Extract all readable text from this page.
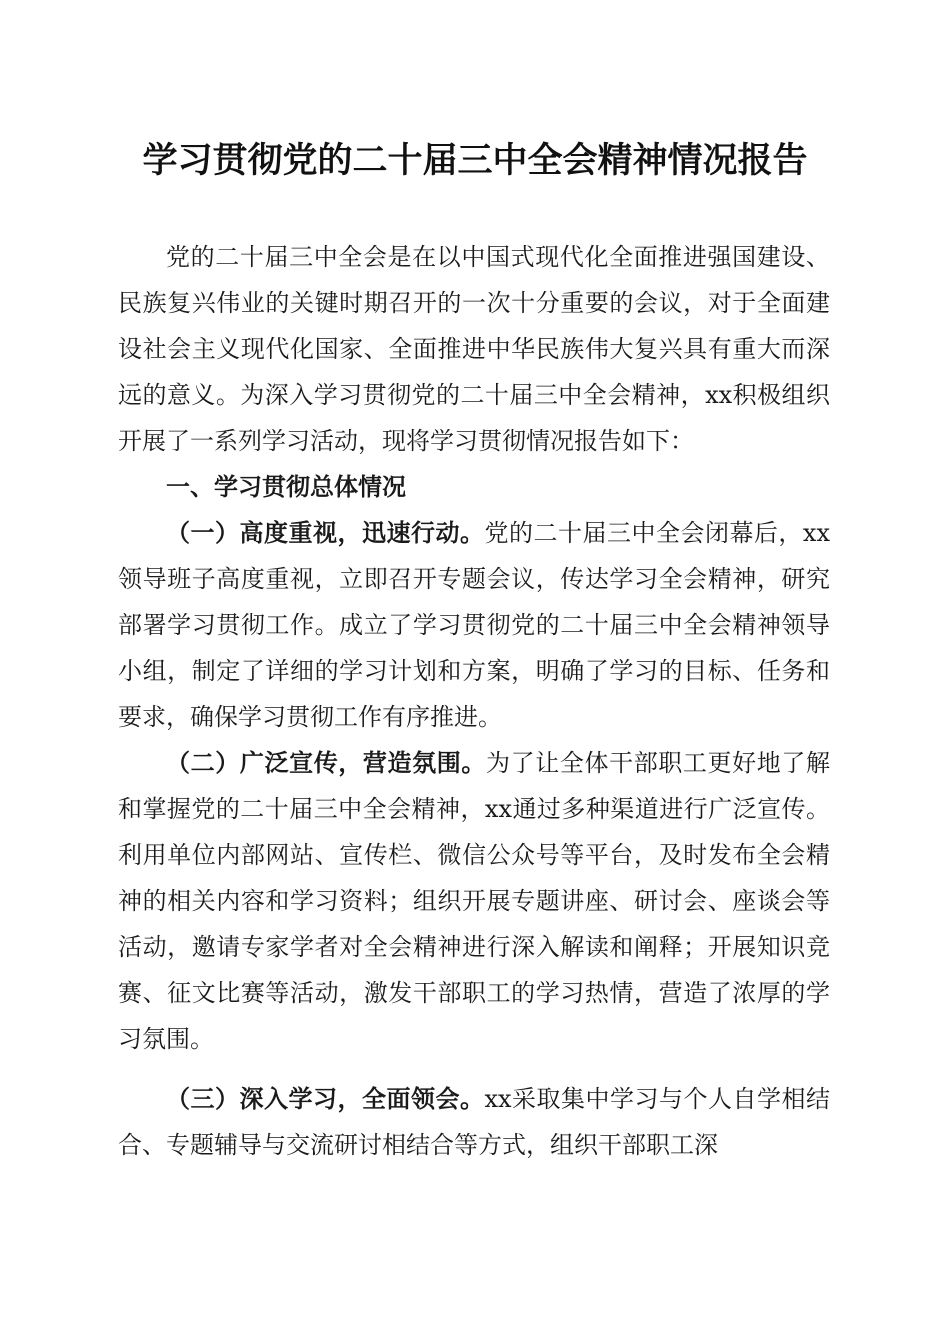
学习贯彻党的二十届三中全会精神情况报告

党的二十届三中全会是在以中国式现代化全面推进强国建设、民族复兴伟业的关键时期召开的一次十分重要的会议，对于全面建设社会主义现代化国家、全面推进中华民族伟大复兴具有重大而深远的意义。为深入学习贯彻党的二十届三中全会精神，xx积极组织开展了一系列学习活动，现将学习贯彻情况报告如下：

一、学习贯彻总体情况

（一）高度重视，迅速行动。党的二十届三中全会闭幕后，xx领导班子高度重视，立即召开专题会议，传达学习全会精神，研究部署学习贯彻工作。成立了学习贯彻党的二十届三中全会精神领导小组，制定了详细的学习计划和方案，明确了学习的目标、任务和要求，确保学习贯彻工作有序推进。

（二）广泛宣传，营造氛围。为了让全体干部职工更好地了解和掌握党的二十届三中全会精神，xx通过多种渠道进行广泛宣传。利用单位内部网站、宣传栏、微信公众号等平台，及时发布全会精神的相关内容和学习资料；组织开展专题讲座、研讨会、座谈会等活动，邀请专家学者对全会精神进行深入解读和阐释；开展知识竞赛、征文比赛等活动，激发干部职工的学习热情，营造了浓厚的学习氛围。

（三）深入学习，全面领会。xx采取集中学习与个人自学相结合、专题辅导与交流研讨相结合等方式，组织干部职工深
